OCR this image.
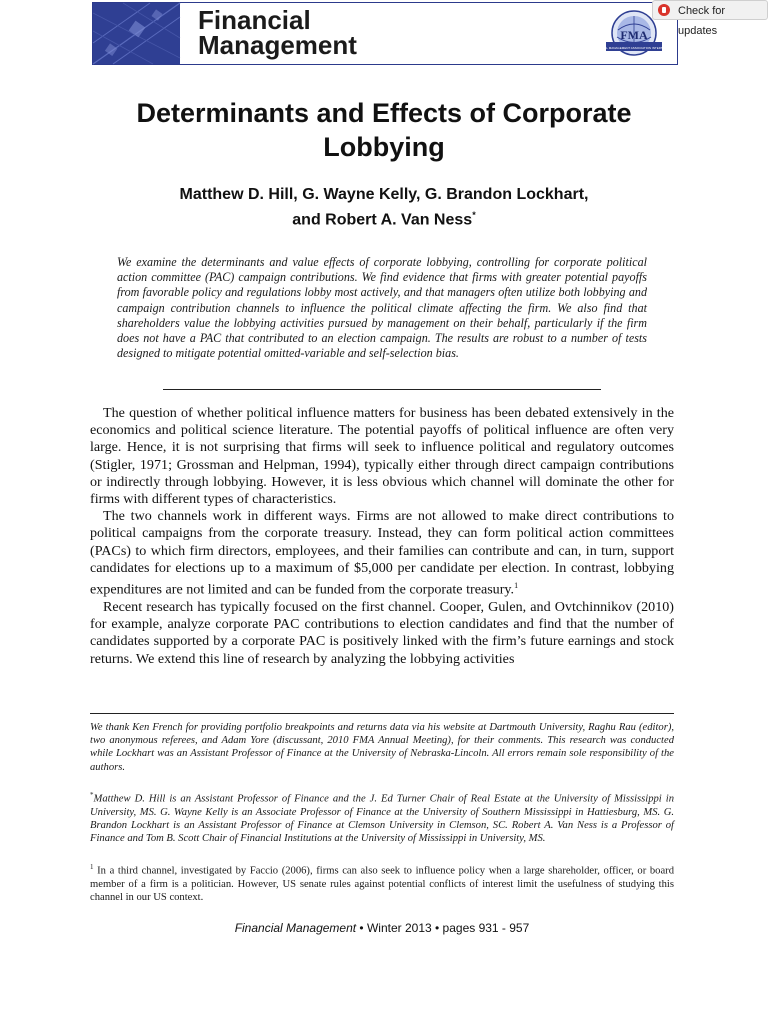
Financial
Management	FMA
FINANCIAL MANAGEMENT ASSOCIATION INTERNATIONAL
Check for updates
Determinants and Effects of Corporate
Lobbying
Matthew D. Hill, G. Wayne Kelly, G. Brandon Lockhart,
and Robert A. Van Ness*

We examine the determinants and value effects of corporate lobbying, controlling for corporate political action committee (PAC) campaign contributions. We find evidence that firms with greater potential payoffs from favorable policy and regulations lobby most actively, and that managers often utilize both lobbying and campaign contribution channels to influence the political climate affecting the firm. We also find that shareholders value the lobbying activities pursued by management on their behalf, particularly if the firm does not have a PAC that contributed to an election campaign. The results are robust to a number of tests designed to mitigate potential omitted-variable and self-selection bias.

The question of whether political influence matters for business has been debated extensively in the economics and political science literature. The potential payoffs of political influence are often very large. Hence, it is not surprising that firms will seek to influence political and regulatory outcomes (Stigler, 1971; Grossman and Helpman, 1994), typically either through direct campaign contributions or indirectly through lobbying. However, it is less obvious which channel will dominate the other for firms with different types of characteristics.

The two channels work in different ways. Firms are not allowed to make direct contributions to political campaigns from the corporate treasury. Instead, they can form political action committees (PACs) to which firm directors, employees, and their families can contribute and can, in turn, support candidates for elections up to a maximum of $5,000 per candidate per election. In contrast, lobbying expenditures are not limited and can be funded from the corporate treasury.$^1$

Recent research has typically focused on the first channel. Cooper, Gulen, and Ovtchinnikov (2010) for example, analyze corporate PAC contributions to election candidates and find that the number of candidates supported by a corporate PAC is positively linked with the firm’s future earnings and stock returns. We extend this line of research by analyzing the lobbying activities

We thank Ken French for providing portfolio breakpoints and returns data via his website at Dartmouth University, Raghu Rau (editor), two anonymous referees, and Adam Yore (discussant, 2010 FMA Annual Meeting), for their comments. This research was conducted while Lockhart was an Assistant Professor of Finance at the University of Nebraska-Lincoln. All errors remain sole responsibility of the authors.

*Matthew D. Hill is an Assistant Professor of Finance and the J. Ed Turner Chair of Real Estate at the University of Mississippi in University, MS. G. Wayne Kelly is an Associate Professor of Finance at the University of Southern Mississippi in Hattiesburg, MS. G. Brandon Lockhart is an Assistant Professor of Finance at Clemson University in Clemson, SC. Robert A. Van Ness is a Professor of Finance and Tom B. Scott Chair of Financial Institutions at the University of Mississippi in University, MS.

$^1$ In a third channel, investigated by Faccio (2006), firms can also seek to influence policy when a large shareholder, officer, or board member of a firm is a politician. However, US senate rules against potential conflicts of interest limit the usefulness of studying this channel in our US context.

Financial Management • Winter 2013 • pages 931 - 957
